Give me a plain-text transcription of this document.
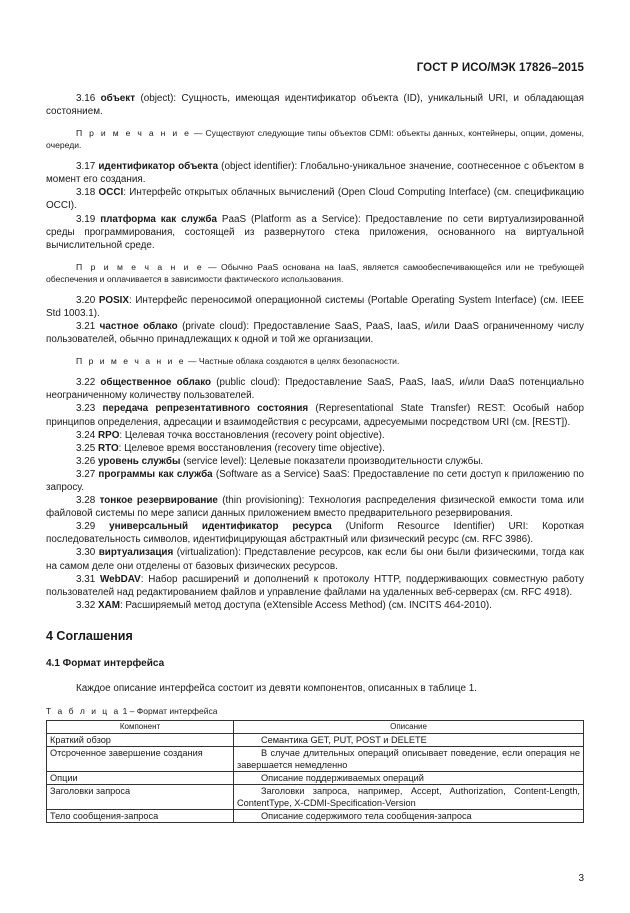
ГОСТ Р ИСО/МЭК 17826–2015

3.16 объект (object): Сущность, имеющая идентификатор объекта (ID), уникальный URI, и обладающая состоянием.

П р и м е ч а н и е — Существуют следующие типы объектов CDMI: объекты данных, контейнеры, опции, домены, очереди.

3.17 идентификатор объекта (object identifier): Глобально-уникальное значение, соотнесенное с объектом в момент его создания.

3.18 OCCI: Интерфейс открытых облачных вычислений (Open Cloud Computing Interface) (см. спецификацию OCCI).

3.19 платформа как служба PaaS (Platform as a Service): Предоставление по сети виртуализированной среды программирования, состоящей из развернутого стека приложения, основанного на виртуальной вычислительной среде.

П р и м е ч а н и е — Обычно PaaS основана на IaaS, является самообеспечивающейся или не требующей обеспечения и оплачивается в зависимости фактического использования.

3.20 POSIX: Интерфейс переносимой операционной системы (Portable Operating System Interface) (см. IEEE Std 1003.1).

3.21 частное облако (private cloud): Предоставление SaaS, PaaS, IaaS, и/или DaaS ограниченному числу пользователей, обычно принадлежащих к одной и той же организации.

П р и м е ч а н и е — Частные облака создаются в целях безопасности.

3.22 общественное облако (public cloud): Предоставление SaaS, PaaS, IaaS, и/или DaaS потенциально неограниченному количеству пользователей.

3.23 передача репрезентативного состояния (Representational State Transfer) REST: Особый набор принципов определения, адресации и взаимодействия с ресурсами, адресуемыми посредством URI (см. [REST]).

3.24 RPO: Целевая точка восстановления (recovery point objective).

3.25 RTO: Целевое время восстановления (recovery time objective).

3.26 уровень службы (service level): Целевые показатели производительности службы.

3.27 программы как служба (Software as a Service) SaaS: Предоставление по сети доступ к приложению по запросу.

3.28 тонкое резервирование (thin provisioning): Технология распределения физической емкости тома или файловой системы по мере записи данных приложением вместо предварительного резервирования.

3.29 универсальный идентификатор ресурса (Uniform Resource Identifier) URI: Короткая последовательность символов, идентифицирующая абстрактный или физический ресурс (см. RFC 3986).

3.30 виртуализация (virtualization): Представление ресурсов, как если бы они были физическими, тогда как на самом деле они отделены от базовых физических ресурсов.

3.31 WebDAV: Набор расширений и дополнений к протоколу HTTP, поддерживающих совместную работу пользователей над редактированием файлов и управление файлами на удаленных веб-серверах (см. RFC 4918).

3.32 XAM: Расширяемый метод доступа (eXtensible Access Method) (см. INCITS 464-2010).

4 Соглашения
4.1 Формат интерфейса

Каждое описание интерфейса состоит из девяти компонентов, описанных в таблице 1.

Т а б л и ц а 1 – Формат интерфейса
Компонент	Описание
Краткий обзор	Семантика GET, PUT, POST и DELETE

Отсроченное завершение создания	В случае длительных операций описывает поведение, если операция не завершается немедленно

Опции	Описание поддерживаемых операций

Заголовки запроса	Заголовки запроса, например, Accept, Authorization, Content-Length, ContentType, X-CDMI-Specification-Version

Тело сообщения-запроса	Описание содержимого тела сообщения-запроса
3
